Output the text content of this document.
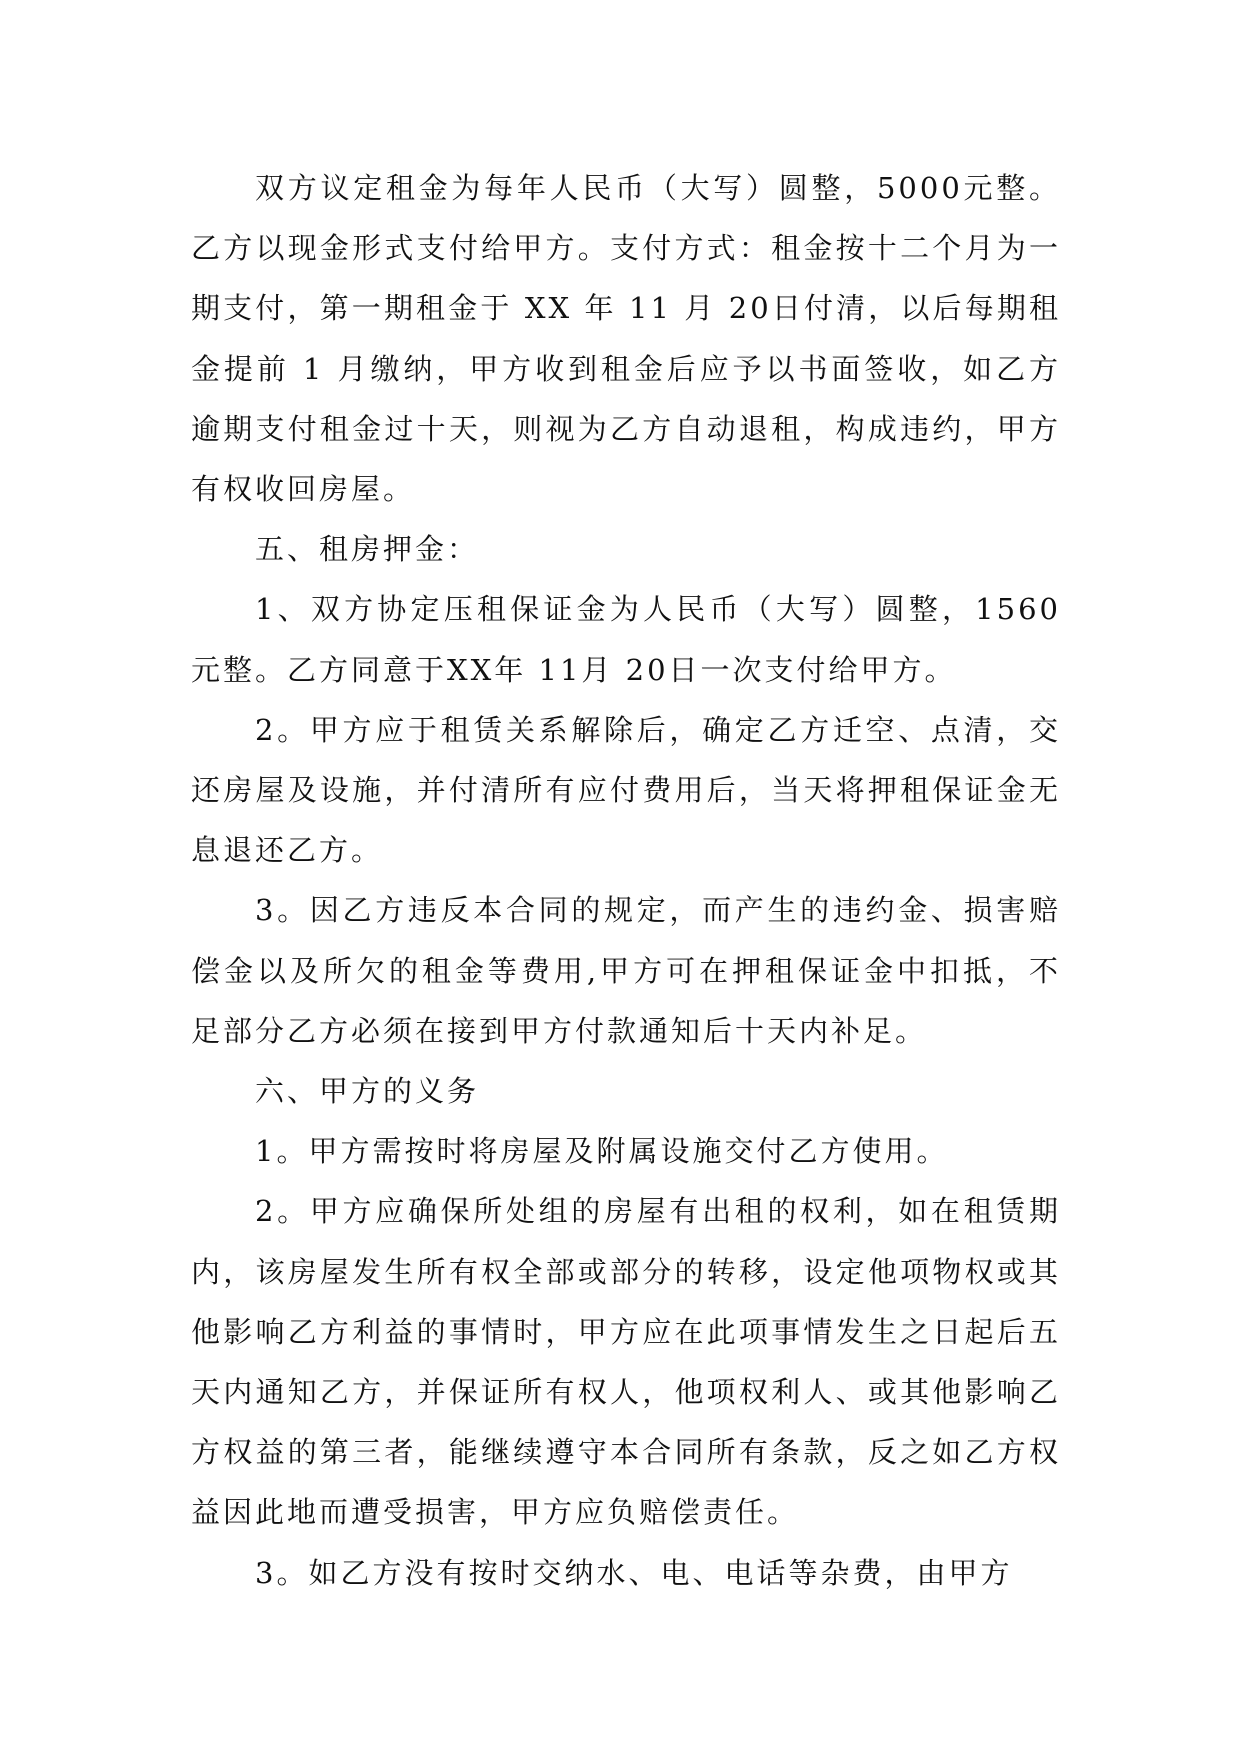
双方议定租金为每年人民币（大写）圆整，5000元整。乙方以现金形式支付给甲方。支付方式：租金按十二个月为一期支付，第一期租金于 XX 年 11 月 20日付清，以后每期租金提前 1 月缴纳，甲方收到租金后应予以书面签收，如乙方逾期支付租金过十天，则视为乙方自动退租，构成违约，甲方有权收回房屋。

五、租房押金：

1、双方协定压租保证金为人民币（大写）圆整，1560元整。乙方同意于XX年 11月 20日一次支付给甲方。

2。甲方应于租赁关系解除后，确定乙方迁空、点清，交还房屋及设施，并付清所有应付费用后，当天将押租保证金无息退还乙方。

3。因乙方违反本合同的规定，而产生的违约金、损害赔偿金以及所欠的租金等费用,甲方可在押租保证金中扣抵，不足部分乙方必须在接到甲方付款通知后十天内补足。

六、甲方的义务

1。甲方需按时将房屋及附属设施交付乙方使用。

2。甲方应确保所处组的房屋有出租的权利，如在租赁期内，该房屋发生所有权全部或部分的转移，设定他项物权或其他影响乙方利益的事情时，甲方应在此项事情发生之日起后五天内通知乙方，并保证所有权人，他项权利人、或其他影响乙方权益的第三者，能继续遵守本合同所有条款，反之如乙方权益因此地而遭受损害，甲方应负赔偿责任。

3。如乙方没有按时交纳水、电、电话等杂费，由甲方
